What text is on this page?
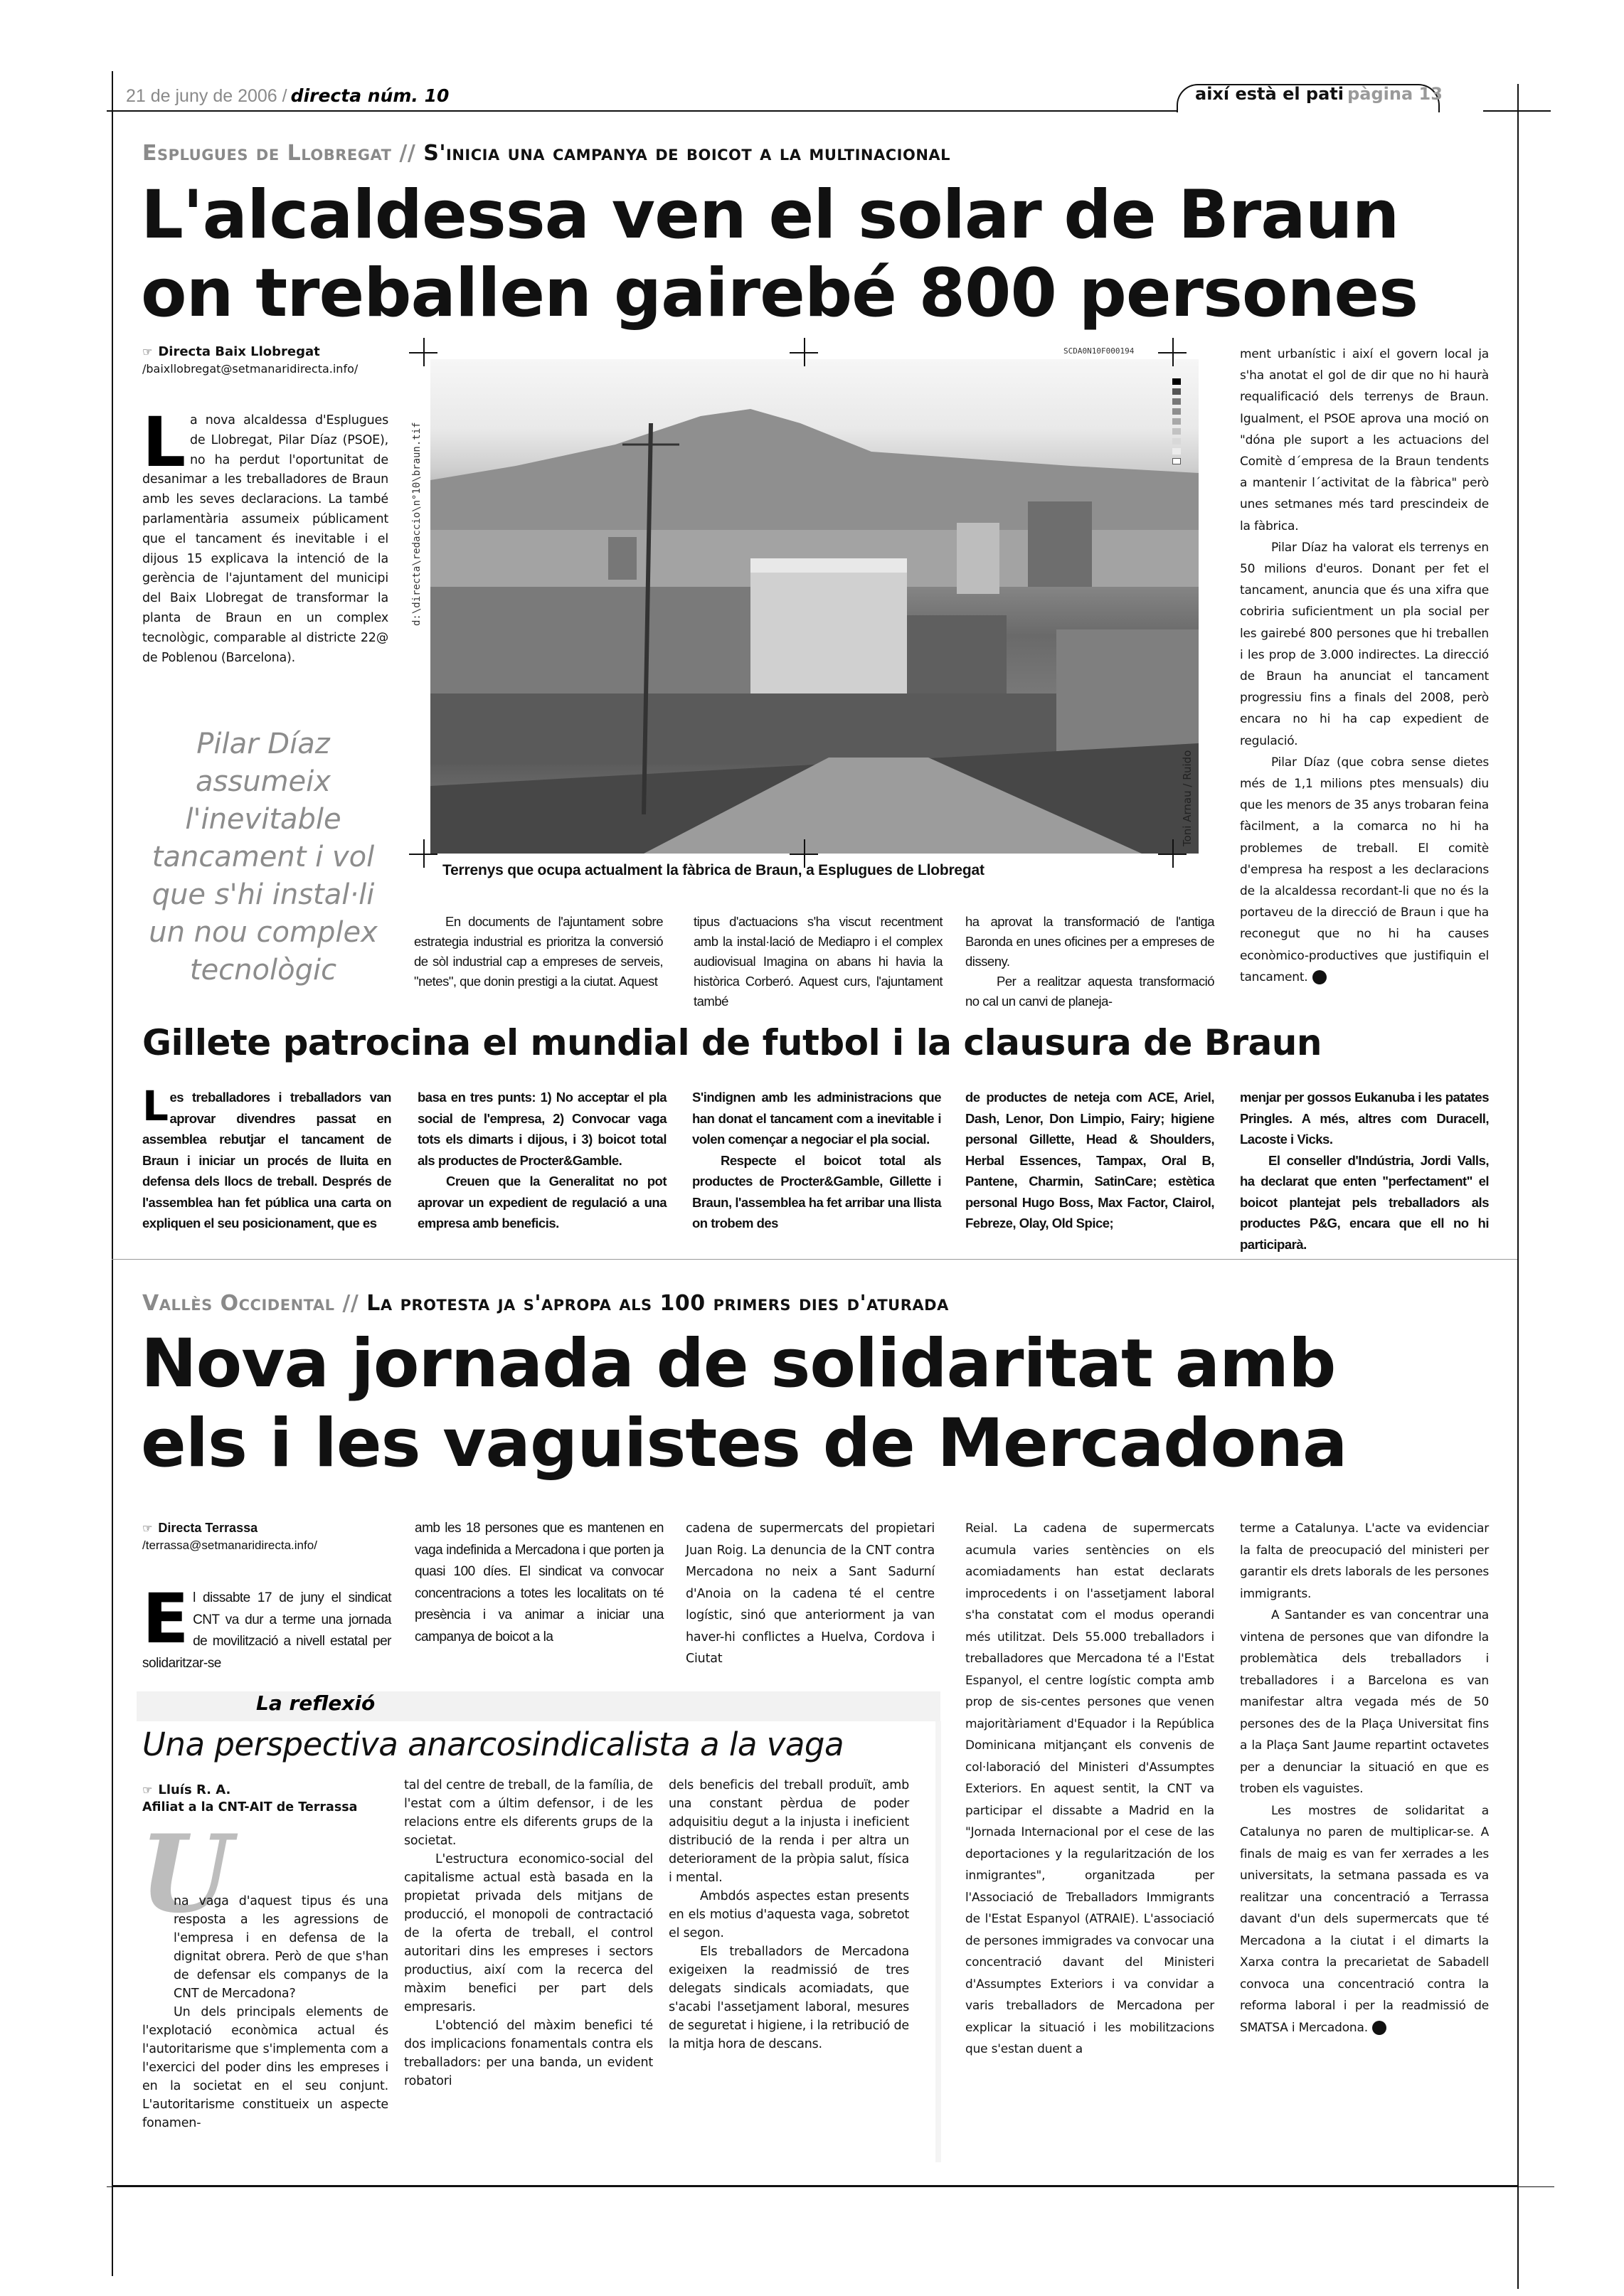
21 de juny de 2006 / directa núm. 10	així està el pati pàgina 13
Esplugues de Llobregat // S'inicia una campanya de boicot a la multinacional
L'alcaldessa ven el solar de Braun
on treballen gairebé 800 persones
☞ Directa Baix Llobregat
/baixllobregat@setmanaridirecta.info/
L a nova alcaldessa d'Esplugues de Llobregat, Pilar Díaz (PSOE), no ha perdut l'oportunitat de desanimar a les treballadores de Braun amb les seves declaracions. La també parlamentària assumeix públicament que el tancament és inevitable i el dijous 15 explicava la intenció de la gerència de l'ajuntament del municipi del Baix Llobregat de transformar la planta de Braun en un complex tecnològic, comparable al districte 22@ de Poblenou (Barcelona).
Pilar Díaz assumeix l'inevitable tancament i vol que s'hi instal·li un nou complex tecnològic
d:\directa\redaccio\n°10\braun.tif
SCDA0N10F000194
Toni Arnau / Ruido
Terrenys que ocupa actualment la fàbrica de Braun, a Esplugues de Llobregat

En documents de l'ajuntament sobre estrategia industrial es prioritza la conversió de sòl industrial cap a empreses de serveis, "netes", que donin prestigi a la ciutat. Aquest

tipus d'actuacions s'ha viscut recentment amb la instal·lació de Mediapro i el complex audiovisual Imagina on abans hi havia la històrica Corberó. Aquest curs, l'ajuntament també

ha aprovat la transformació de l'antiga Baronda en unes oficines per a empreses de disseny.

Per a realitzar aquesta transformació no cal un canvi de planeja-

ment urbanístic i així el govern local ja s'ha anotat el gol de dir que no hi haurà requalificació dels terrenys de Braun. Igualment, el PSOE aprova una moció on "dóna ple suport a les actuacions del Comitè d´empresa de la Braun tendents a mantenir l´activitat de la fàbrica" però unes setmanes més tard prescindeix de la fàbrica.

Pilar Díaz ha valorat els terrenys en 50 milions d'euros. Donant per fet el tancament, anuncia que és una xifra que cobriria suficientment un pla social per les gairebé 800 persones que hi treballen i les prop de 3.000 indirectes. La direcció de Braun ha anunciat el tancament progressiu fins a finals del 2008, però encara no hi ha cap expedient de regulació.

Pilar Díaz (que cobra sense dietes més de 1,1 milions ptes mensuals) diu que les menors de 35 anys trobaran feina fàcilment, a la comarca no hi ha problemes de treball. El comitè d'empresa ha respost a les declaracions de la alcaldessa recordant-li que no és la portaveu de la direcció de Braun i que ha reconegut que no hi ha causes econòmico-productives que justifiquin el tancament.	d

Gillete patrocina el mundial de futbol i la clausura de Braun
L es treballadores i treballadors van aprovar divendres passat en assemblea rebutjar el tancament de Braun i iniciar un procés de lluita en defensa dels llocs de treball. Després de l'assemblea han fet pública una carta on expliquen el seu posicionament, que es

basa en tres punts: 1) No acceptar el pla social de l'empresa, 2) Convocar vaga tots els dimarts i dijous, i 3) boicot total als productes de Procter&Gamble.

Creuen que la Generalitat no pot aprovar un expedient de regulació a una empresa amb beneficis.

S'indignen amb les administracions que han donat el tancament com a inevitable i volen començar a negociar el pla social.

Respecte el boicot total als productes de Procter&Gamble, Gillette i Braun, l'assemblea ha fet arribar una llista on trobem des

de productes de neteja com ACE, Ariel, Dash, Lenor, Don Limpio, Fairy; higiene personal Gillette, Head & Shoulders, Herbal Essences, Tampax, Oral B, Pantene, Charmin, SatinCare; estètica personal Hugo Boss, Max Factor, Clairol, Febreze, Olay, Old Spice;

menjar per gossos Eukanuba i les patates Pringles. A més, altres com Duracell, Lacoste i Vicks.

El conseller d'Indústria, Jordi Valls, ha declarat que enten "perfectament" el boicot plantejat pels treballadors als productes P&G, encara que ell no hi participarà.

Vallès Occidental // La protesta ja s'apropa als 100 primers dies d'aturada
Nova jornada de solidaritat amb
els i les vaguistes de Mercadona
☞ Directa Terrassa
/terrassa@setmanaridirecta.info/
E l dissabte 17 de juny el sindicat CNT va dur a terme una jornada de movilització a nivell estatal per solidaritzar-se

amb les 18 persones que es mantenen en vaga indefinida a Mercadona i que porten ja quasi 100 díes. El sindicat va convocar concentracions a totes les localitats on té presència i va animar a iniciar una campanya de boicot a la

cadena de supermercats del propietari Juan Roig. La denuncia de la CNT contra Mercadona no neix a Sant Sadurní d'Anoia on la cadena té el centre logístic, sinó que anteriorment ja van haver-hi conflictes a Huelva, Cordova i Ciutat

Reial. La cadena de supermercats acumula varies sentències on els acomiadaments han estat declarats improcedents i on l'assetjament laboral s'ha constatat com el modus operandi més utilitzat. Dels 55.000 treballadors i treballadores que Mercadona té a l'Estat Espanyol, el centre logístic compta amb prop de sis-centes persones que venen majoritàriament d'Equador i la República Dominicana mitjançant els convenis de col·laboració del Ministeri d'Assumptes Exteriors. En aquest sentit, la CNT va participar el dissabte a Madrid en la "Jornada Internacional por el cese de las deportaciones y la regularitzación de los inmigrantes", organitzada per l'Associació de Treballadors Immigrants de l'Estat Espanyol (ATRAIE). L'associació de persones immigrades va convocar una concentració davant del Ministeri d'Assumptes Exteriors i va convidar a varis treballadors de Mercadona per explicar la situació i les mobilitzacions que s'estan duent a

terme a Catalunya. L'acte va evidenciar la falta de preocupació del ministeri per garantir els drets laborals de les persones immigrants.

A Santander es van concentrar una vintena de persones que van difondre la problemàtica dels treballadors i treballadores i a Barcelona es van manifestar altra vegada més de 50 persones des de la Plaça Universitat fins a la Plaça Sant Jaume repartint octavetes per a denunciar la situació en que es troben els vaguistes.

Les mostres de solidaritat a Catalunya no paren de multiplicar-se. A finals de maig es van fer xerrades a les universitats, la setmana passada es va realitzar una concentració a Terrassa davant d'un dels supermercats que té Mercadona a la ciutat i el dimarts la Xarxa contra la precarietat de Sabadell convoca una concentració contra la reforma laboral i per la readmissió de SMATSA i Mercadona.	d

La reflexió
Una perspectiva anarcosindicalista a la vaga
☞ Lluís R. A.
Afiliat a la CNT-AIT de Terrassa
U

na vaga d'aquest tipus és una resposta a les agressions de l'empresa i en defensa de la dignitat obrera. Però de que s'han de defensar els companys de la CNT de Mercadona?

Un dels principals elements de l'explotació econòmica actual és l'autoritarisme que s'implementa com a l'exercici del poder dins les empreses i en la societat en el seu conjunt. L'autoritarisme constitueix un aspecte fonamen-

tal del centre de treball, de la família, de l'estat com a últim defensor, i de les relacions entre els diferents grups de la societat.

L'estructura economico-social del capitalisme actual està basada en la propietat privada dels mitjans de producció, el monopoli de contractació de la oferta de treball, el control autoritari dins les empreses i sectors productius, així com la recerca del màxim benefici per part dels empresaris.

L'obtenció del màxim benefici té dos implicacions fonamentals contra els treballadors: per una banda, un evident robatori

dels beneficis del treball produït, amb una constant pèrdua de poder adquisitiu degut a la injusta i ineficient distribució de la renda i per altra un deteriorament de la pròpia salut, física i mental.

Ambdós aspectes estan presents en els motius d'aquesta vaga, sobretot el segon.

Els treballadors de Mercadona exigeixen la readmissió de tres delegats sindicals acomiadats, que s'acabi l'assetjament laboral, mesures de seguretat i higiene, i la retribució de la mitja hora de descans.
